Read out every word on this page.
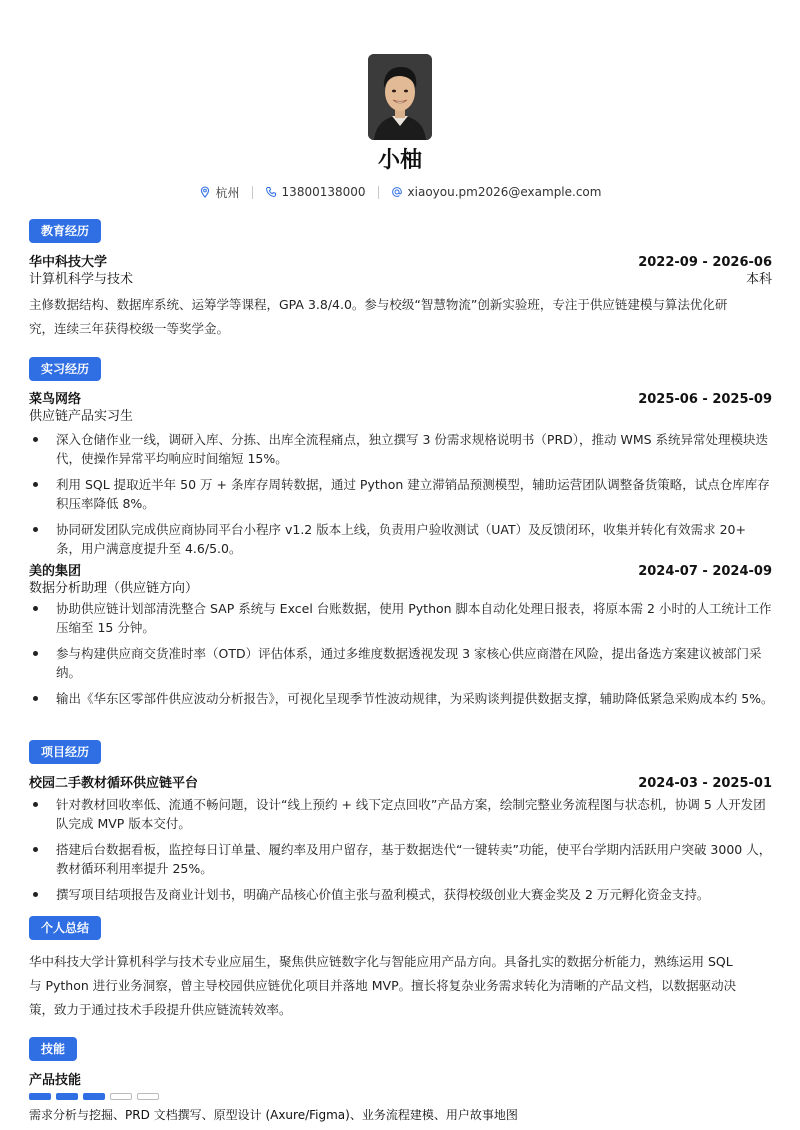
小柚
杭州	13800138000	xiaoyou.pm2026@example.com
教育经历
华中科技大学	2022-09 - 2026-06
计算机科学与技术	本科
主修数据结构、数据库系统、运筹学等课程，GPA 3.8/4.0。参与校级“智慧物流”创新实验班，专注于供应链建模与算法优化研
究，连续三年获得校级一等奖学金。
实习经历
菜鸟网络	2025-06 - 2025-09
供应链产品实习生
深入仓储作业一线，调研入库、分拣、出库全流程痛点，独立撰写 3 份需求规格说明书（PRD），推动 WMS 系统异常处理模块迭代，使操作异常平均响应时间缩短 15%。
利用 SQL 提取近半年 50 万 + 条库存周转数据，通过 Python 建立滞销品预测模型，辅助运营团队调整备货策略，试点仓库库存积压率降低 8%。
协同研发团队完成供应商协同平台小程序 v1.2 版本上线，负责用户验收测试（UAT）及反馈闭环，收集并转化有效需求 20+ 条，用户满意度提升至 4.6/5.0。
美的集团	2024-07 - 2024-09
数据分析助理（供应链方向）
协助供应链计划部清洗整合 SAP 系统与 Excel 台账数据，使用 Python 脚本自动化处理日报表，将原本需 2 小时的人工统计工作压缩至 15 分钟。
参与构建供应商交货准时率（OTD）评估体系，通过多维度数据透视发现 3 家核心供应商潜在风险，提出备选方案建议被部门采纳。
输出《华东区零部件供应波动分析报告》，可视化呈现季节性波动规律，为采购谈判提供数据支撑，辅助降低紧急采购成本约 5%。
项目经历
校园二手教材循环供应链平台	2024-03 - 2025-01
针对教材回收率低、流通不畅问题，设计“线上预约 + 线下定点回收”产品方案，绘制完整业务流程图与状态机，协调 5 人开发团队完成 MVP 版本交付。
搭建后台数据看板，监控每日订单量、履约率及用户留存，基于数据迭代“一键转卖”功能，使平台学期内活跃用户突破 3000 人，教材循环利用率提升 25%。
撰写项目结项报告及商业计划书，明确产品核心价值主张与盈利模式，获得校级创业大赛金奖及 2 万元孵化资金支持。
个人总结
华中科技大学计算机科学与技术专业应届生，聚焦供应链数字化与智能应用产品方向。具备扎实的数据分析能力，熟练运用 SQL
与 Python 进行业务洞察，曾主导校园供应链优化项目并落地 MVP。擅长将复杂业务需求转化为清晰的产品文档，以数据驱动决
策，致力于通过技术手段提升供应链流转效率。
技能
产品技能
需求分析与挖掘、PRD 文档撰写、原型设计 (Axure/Figma)、业务流程建模、用户故事地图
